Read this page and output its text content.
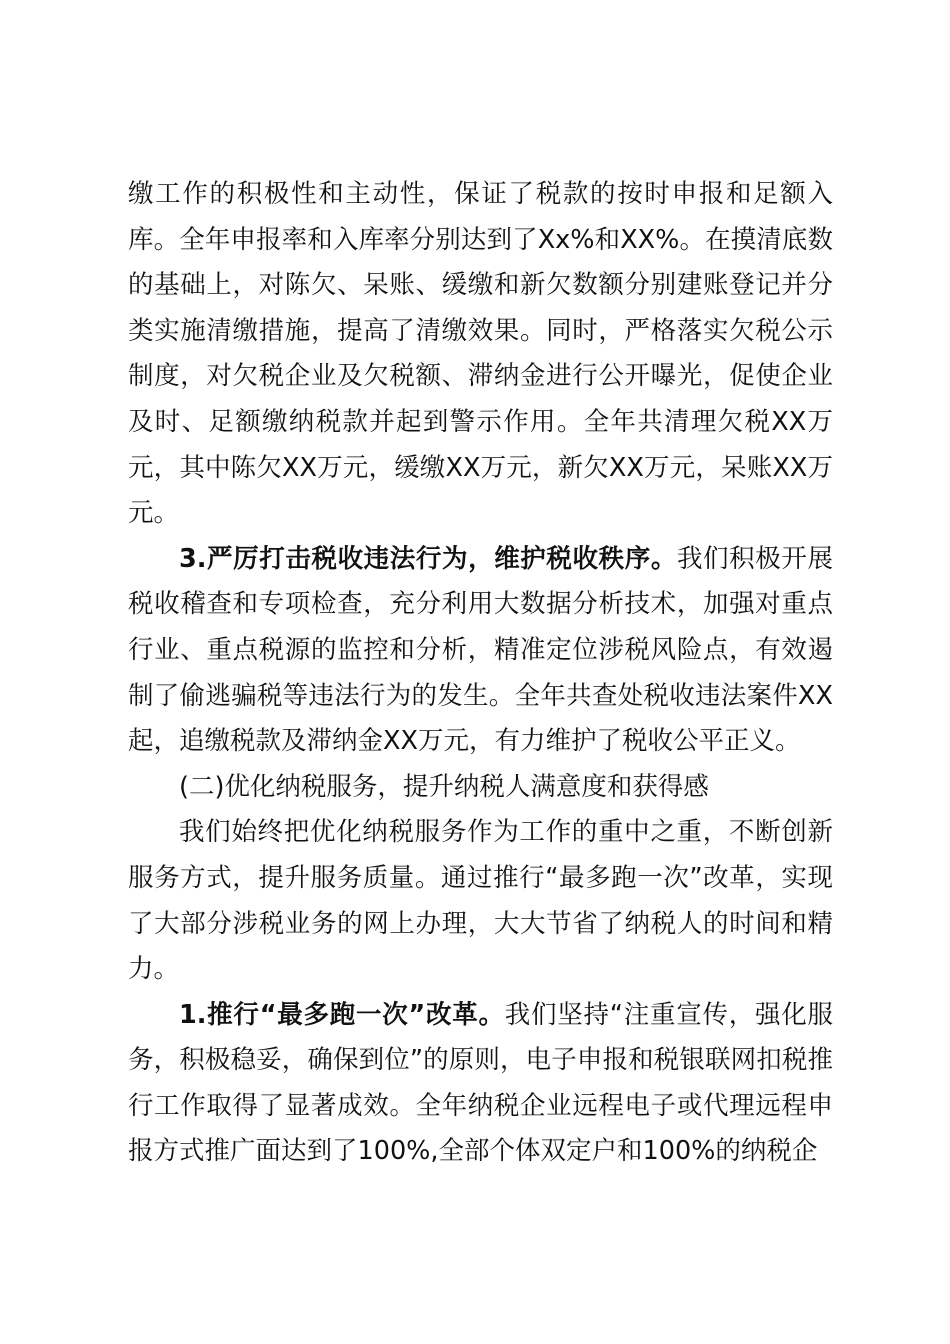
缴工作的积极性和主动性，保证了税款的按时申报和足额入库。全年申报率和入库率分别达到了Xx%和XX%。在摸清底数的基础上，对陈欠、呆账、缓缴和新欠数额分别建账登记并分类实施清缴措施，提高了清缴效果。同时，严格落实欠税公示制度，对欠税企业及欠税额、滞纳金进行公开曝光，促使企业及时、足额缴纳税款并起到警示作用。全年共清理欠税XX万元，其中陈欠XX万元，缓缴XX万元，新欠XX万元，呆账XX万元。

3.严厉打击税收违法行为，维护税收秩序。我们积极开展税收稽查和专项检查，充分利用大数据分析技术，加强对重点行业、重点税源的监控和分析，精准定位涉税风险点，有效遏制了偷逃骗税等违法行为的发生。全年共查处税收违法案件XX起，追缴税款及滞纳金XX万元，有力维护了税收公平正义。

(二)优化纳税服务，提升纳税人满意度和获得感

我们始终把优化纳税服务作为工作的重中之重，不断创新服务方式，提升服务质量。通过推行“最多跑一次”改革，实现了大部分涉税业务的网上办理，大大节省了纳税人的时间和精力。

1.推行“最多跑一次”改革。我们坚持“注重宣传，强化服务，积极稳妥，确保到位”的原则，电子申报和税银联网扣税推行工作取得了显著成效。全年纳税企业远程电子或代理远程申报方式推广面达到了100%,全部个体双定户和100%的纳税企
